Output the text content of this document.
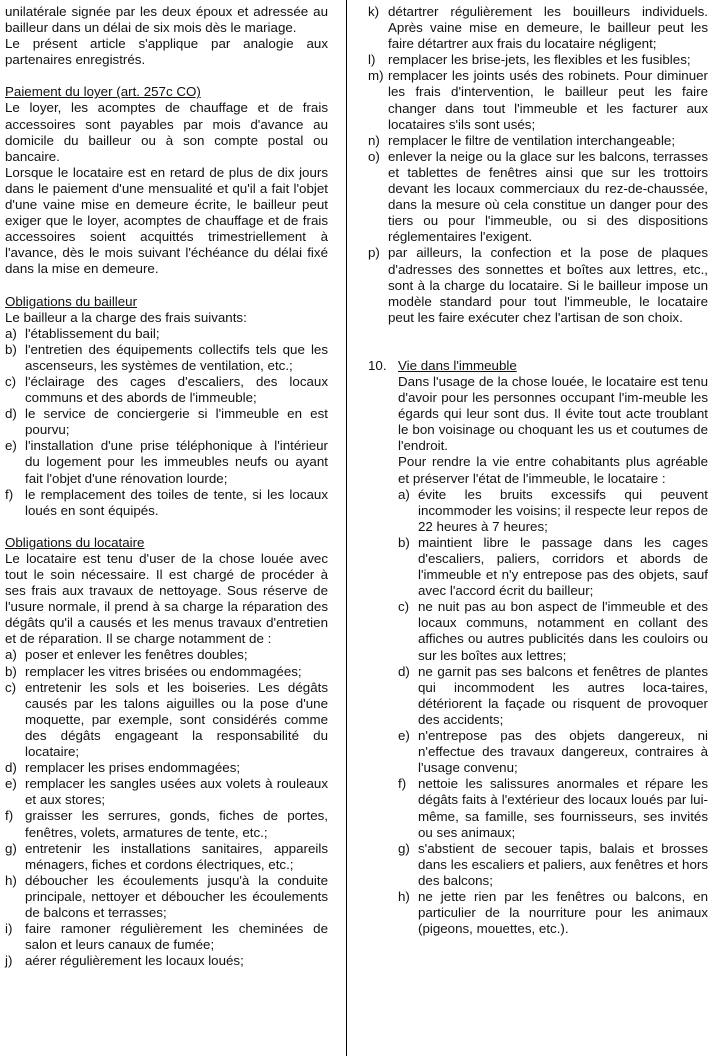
unilatérale signée par les deux époux et adressée au bailleur dans un délai de six mois dès le mariage.

Le présent article s'applique par analogie aux partenaires enregistrés.

Paiement du loyer (art. 257c CO)

Le loyer, les acomptes de chauffage et de frais accessoires sont payables par mois d'avance au domicile du bailleur ou à son compte postal ou bancaire.

Lorsque le locataire est en retard de plus de dix jours dans le paiement d'une mensualité et qu'il a fait l'objet d'une vaine mise en demeure écrite, le bailleur peut exiger que le loyer, acomptes de chauffage et de frais accessoires soient acquittés trimestriellement à l'avance, dès le mois suivant l'échéance du délai fixé dans la mise en demeure.

Obligations du bailleur

Le bailleur a la charge des frais suivants:

a) l'établissement du bail;
b) l'entretien des équipements collectifs tels que les ascenseurs, les systèmes de ventilation, etc.;
c) l'éclairage des cages d'escaliers, des locaux communs et des abords de l'immeuble;
d) le service de conciergerie si l'immeuble en est pourvu;
e) l'installation d'une prise téléphonique à l'intérieur du logement pour les immeubles neufs ou ayant fait l'objet d'une rénovation lourde;
f) le remplacement des toiles de tente, si les locaux loués en sont équipés.

Obligations du locataire

Le locataire est tenu d'user de la chose louée avec tout le soin nécessaire. Il est chargé de procéder à ses frais aux travaux de nettoyage. Sous réserve de l'usure normale, il prend à sa charge la réparation des dégâts qu'il a causés et les menus travaux d'entretien et de réparation. Il se charge notamment de :

a) poser et enlever les fenêtres doubles;
b) remplacer les vitres brisées ou endommagées;
c) entretenir les sols et les boiseries. Les dégâts causés par les talons aiguilles ou la pose d'une moquette, par exemple, sont considérés comme des dégâts engageant la responsabilité du locataire;
d) remplacer les prises endommagées;
e) remplacer les sangles usées aux volets à rouleaux et aux stores;
f) graisser les serrures, gonds, fiches de portes, fenêtres, volets, armatures de tente, etc.;
g) entretenir les installations sanitaires, appareils ménagers, fiches et cordons électriques, etc.;
h) déboucher les écoulements jusqu'à la conduite principale, nettoyer et déboucher les écoulements de balcons et terrasses;
i) faire ramoner régulièrement les cheminées de salon et leurs canaux de fumée;
j) aérer régulièrement les locaux loués;
k) détartrer régulièrement les bouilleurs individuels. Après vaine mise en demeure, le bailleur peut les faire détartrer aux frais du locataire négligent;
l) remplacer les brise-jets, les flexibles et les fusibles;
m) remplacer les joints usés des robinets. Pour diminuer les frais d'intervention, le bailleur peut les faire changer dans tout l'immeuble et les facturer aux locataires s'ils sont usés;
n) remplacer le filtre de ventilation interchangeable;
o) enlever la neige ou la glace sur les balcons, terrasses et tablettes de fenêtres ainsi que sur les trottoirs devant les locaux commerciaux du rez-de-chaussée, dans la mesure où cela constitue un danger pour des tiers ou pour l'immeuble, ou si des dispositions réglementaires l'exigent.
p) par ailleurs, la confection et la pose de plaques d'adresses des sonnettes et boîtes aux lettres, etc., sont à la charge du locataire. Si le bailleur impose un modèle standard pour tout l'immeuble, le locataire peut les faire exécuter chez l'artisan de son choix.
10. Vie dans l'immeuble

Dans l'usage de la chose louée, le locataire est tenu d'avoir pour les personnes occupant l'im-meuble les égards qui leur sont dus. Il évite tout acte troublant le bon voisinage ou choquant les us et coutumes de l'endroit.

Pour rendre la vie entre cohabitants plus agréable et préserver l'état de l'immeuble, le locataire :

a) évite les bruits excessifs qui peuvent incommoder les voisins; il respecte leur repos de 22 heures à 7 heures;
b) maintient libre le passage dans les cages d'escaliers, paliers, corridors et abords de l'immeuble et n'y entrepose pas des objets, sauf avec l'accord écrit du bailleur;
c) ne nuit pas au bon aspect de l'immeuble et des locaux communs, notamment en collant des affiches ou autres publicités dans les couloirs ou sur les boîtes aux lettres;
d) ne garnit pas ses balcons et fenêtres de plantes qui incommodent les autres loca-taires, détériorent la façade ou risquent de provoquer des accidents;
e) n'entrepose pas des objets dangereux, ni n'effectue des travaux dangereux, contraires à l'usage convenu;
f) nettoie les salissures anormales et répare les dégâts faits à l'extérieur des locaux loués par lui-même, sa famille, ses fournisseurs, ses invités ou ses animaux;
g) s'abstient de secouer tapis, balais et brosses dans les escaliers et paliers, aux fenêtres et hors des balcons;
h) ne jette rien par les fenêtres ou balcons, en particulier de la nourriture pour les animaux (pigeons, mouettes, etc.).
